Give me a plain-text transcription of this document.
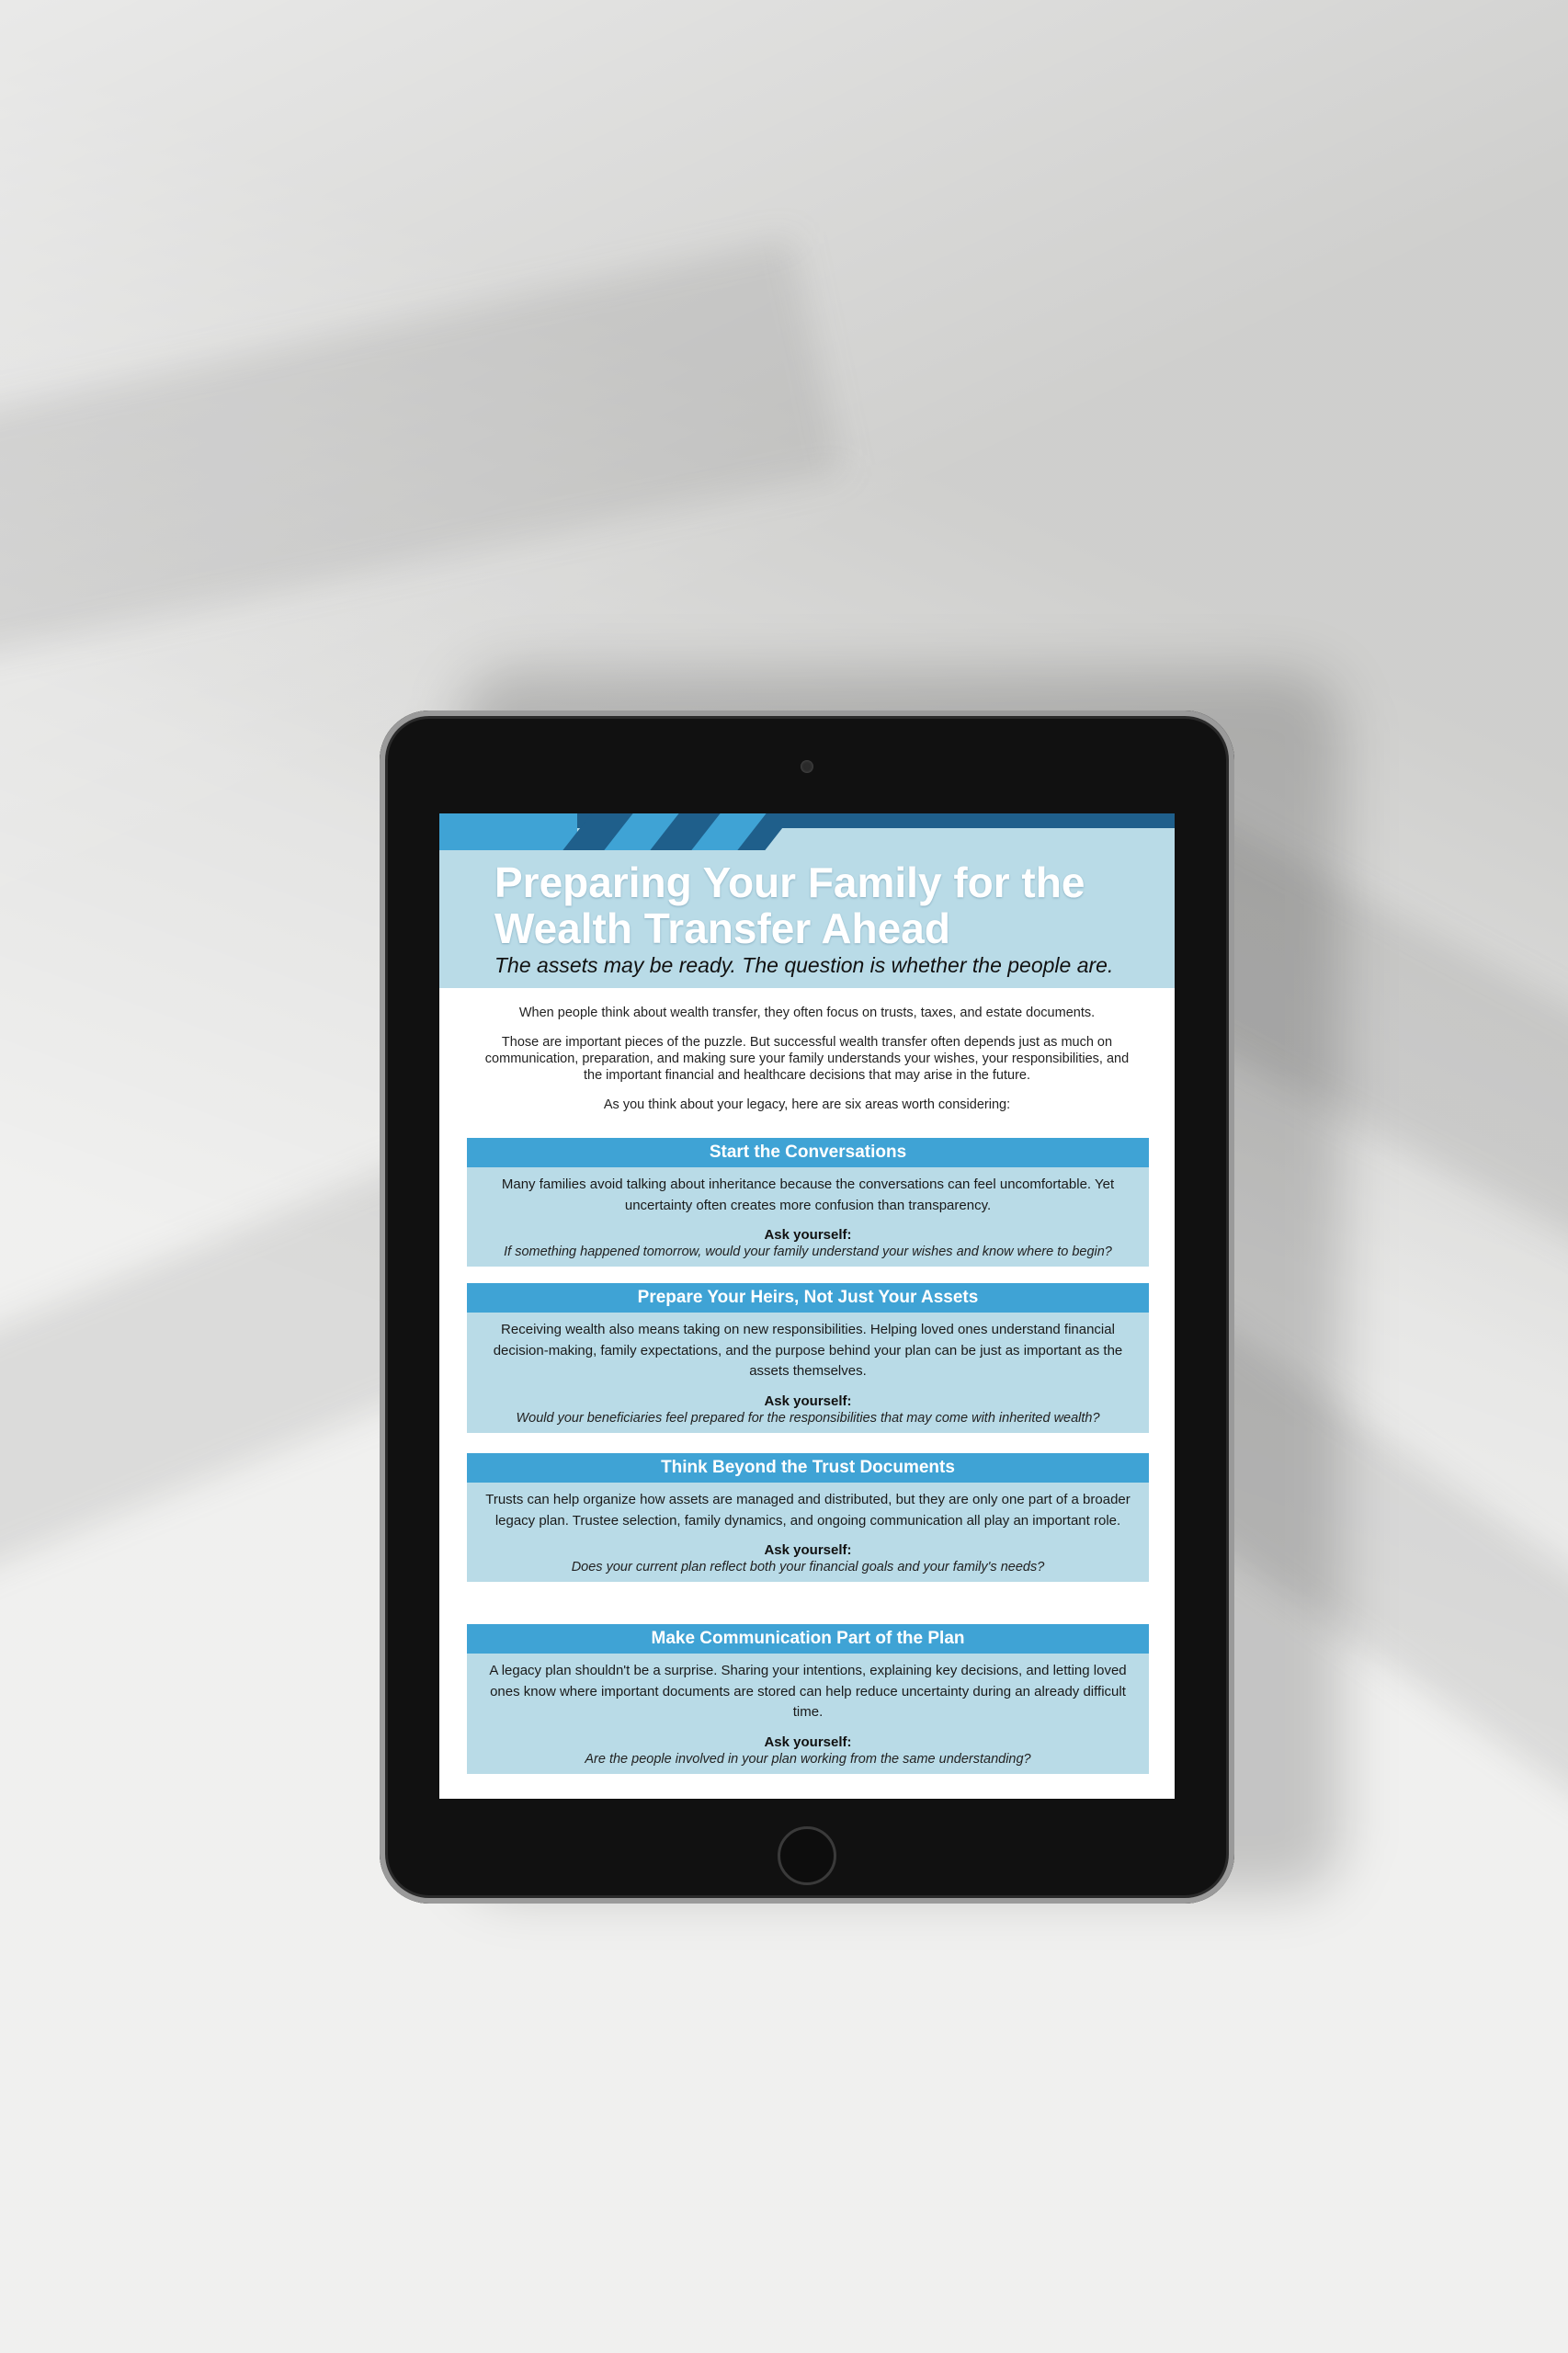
Preparing Your Family for the Wealth Transfer Ahead
The assets may be ready. The question is whether the people are.

When people think about wealth transfer, they often focus on trusts, taxes, and estate documents.

Those are important pieces of the puzzle. But successful wealth transfer often depends just as much on communication, preparation, and making sure your family understands your wishes, your responsibilities, and the important financial and healthcare decisions that may arise in the future.

As you think about your legacy, here are six areas worth considering:

Start the Conversations
Many families avoid talking about inheritance because the conversations can feel uncomfortable. Yet uncertainty often creates more confusion than transparency.
Ask yourself:
If something happened tomorrow, would your family understand your wishes and know where to begin?
Prepare Your Heirs, Not Just Your Assets
Receiving wealth also means taking on new responsibilities. Helping loved ones understand financial decision-making, family expectations, and the purpose behind your plan can be just as important as the assets themselves.
Ask yourself:
Would your beneficiaries feel prepared for the responsibilities that may come with inherited wealth?
Think Beyond the Trust Documents
Trusts can help organize how assets are managed and distributed, but they are only one part of a broader legacy plan. Trustee selection, family dynamics, and ongoing communication all play an important role.
Ask yourself:
Does your current plan reflect both your financial goals and your family's needs?
Make Communication Part of the Plan
A legacy plan shouldn't be a surprise. Sharing your intentions, explaining key decisions, and letting loved ones know where important documents are stored can help reduce uncertainty during an already difficult time.
Ask yourself:
Are the people involved in your plan working from the same understanding?
